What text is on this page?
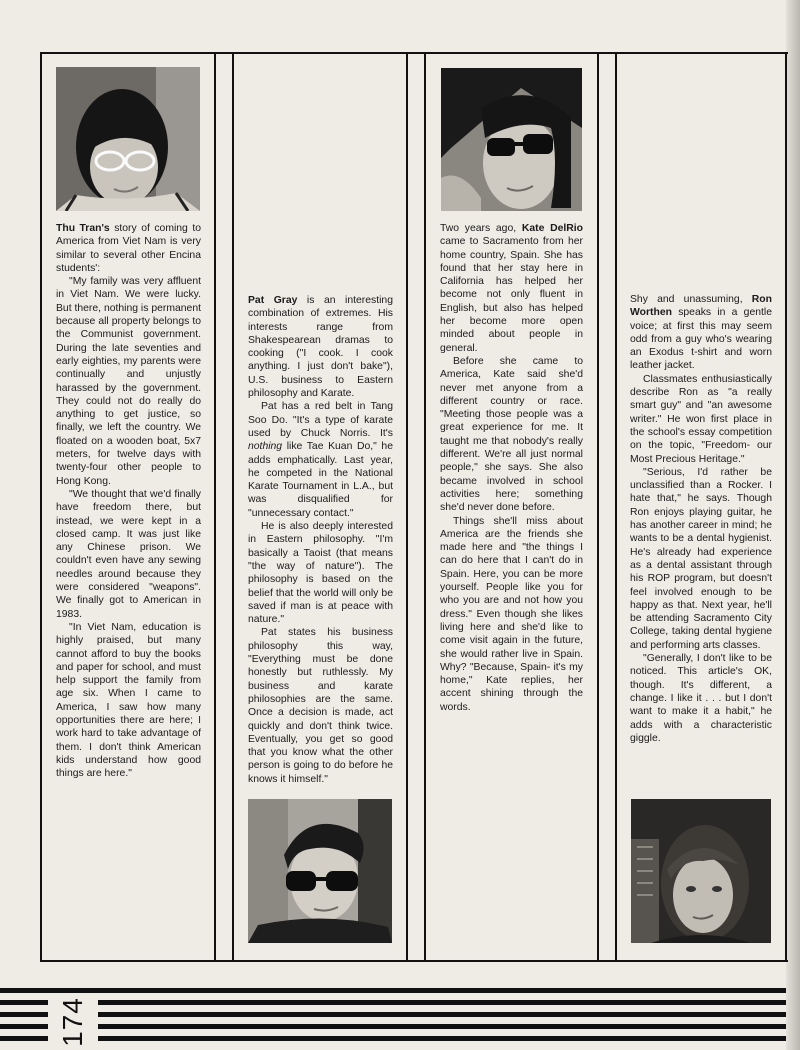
Thu Tran's story of coming to America from Viet Nam is very similar to several other Encina students':

"My family was very affluent in Viet Nam. We were lucky. But there, nothing is permanent because all property belongs to the Communist government. During the late seventies and early eighties, my parents were continually and unjustly harassed by the government. They could not do really do anything to get justice, so finally, we left the country. We floated on a wooden boat, 5x7 meters, for twelve days with twenty-four other people to Hong Kong.

"We thought that we'd finally have freedom there, but instead, we were kept in a closed camp. It was just like any Chinese prison. We couldn't even have any sewing needles around because they were considered "weapons". We finally got to American in 1983.

"In Viet Nam, education is highly praised, but many cannot afford to buy the books and paper for school, and must help support the family from age six. When I came to America, I saw how many opportunities there are here; I work hard to take advantage of them. I don't think American kids understand how good things are here."

Pat Gray is an interesting combination of extremes. His interests range from Shakespearean dramas to cooking ("I cook. I cook anything. I just don't bake"), U.S. business to Eastern philosophy and Karate.

Pat has a red belt in Tang Soo Do. "It's a type of karate used by Chuck Norris. It's nothing like Tae Kuan Do," he adds emphatically. Last year, he competed in the National Karate Tournament in L.A., but was disqualified for "unnecessary contact."

He is also deeply interested in Eastern philosophy. "I'm basically a Taoist (that means "the way of nature"). The philosophy is based on the belief that the world will only be saved if man is at peace with nature."

Pat states his business philosophy this way, "Everything must be done honestly but ruthlessly. My business and karate philosophies are the same. Once a decision is made, act quickly and don't think twice. Eventually, you get so good that you know what the other person is going to do before he knows it himself."

Two years ago, Kate DelRio came to Sacramento from her home country, Spain. She has found that her stay here in California has helped her become not only fluent in English, but also has helped her become more open minded about people in general.

Before she came to America, Kate said she'd never met anyone from a different country or race. "Meeting those people was a great experience for me. It taught me that nobody's really different. We're all just normal people," she says. She also became involved in school activities here; something she'd never done before.

Things she'll miss about America are the friends she made here and "the things I can do here that I can't do in Spain. Here, you can be more yourself. People like you for who you are and not how you dress." Even though she likes living here and she'd like to come visit again in the future, she would rather live in Spain. Why? "Because, Spain- it's my home," Kate replies, her accent shining through the words.

Shy and unassuming, Ron Worthen speaks in a gentle voice; at first this may seem odd from a guy who's wearing an Exodus t-shirt and worn leather jacket.

Classmates enthusiastically describe Ron as "a really smart guy" and "an awesome writer." He won first place in the school's essay competition on the topic, "Freedom- our Most Precious Heritage."

"Serious, I'd rather be unclassified than a Rocker. I hate that," he says. Though Ron enjoys playing guitar, he has another career in mind; he wants to be a dental hygienist. He's already had experience as a dental assistant through his ROP program, but doesn't feel involved enough to be happy as that. Next year, he'll be attending Sacramento City College, taking dental hygiene and performing arts classes.

"Generally, I don't like to be noticed. This article's OK, though. It's different, a change. I like it . . . but I don't want to make it a habit," he adds with a characteristic giggle.

174
